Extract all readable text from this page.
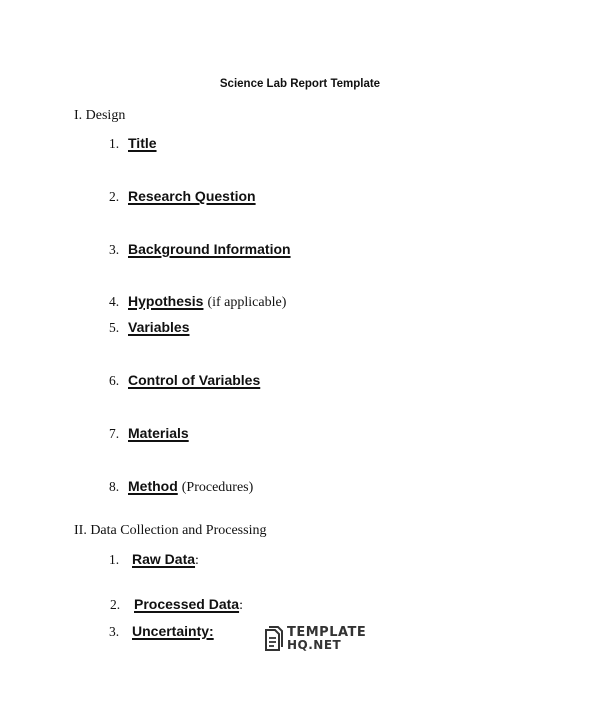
Science Lab Report Template
I. Design
1. Title
2. Research Question
3. Background Information
4. Hypothesis (if applicable)
5. Variables
6. Control of Variables
7. Materials
8. Method (Procedures)
II. Data Collection and Processing
1. Raw Data:
2. Processed Data:
3. Uncertainty:	TEMPLATE
HQ.NET
